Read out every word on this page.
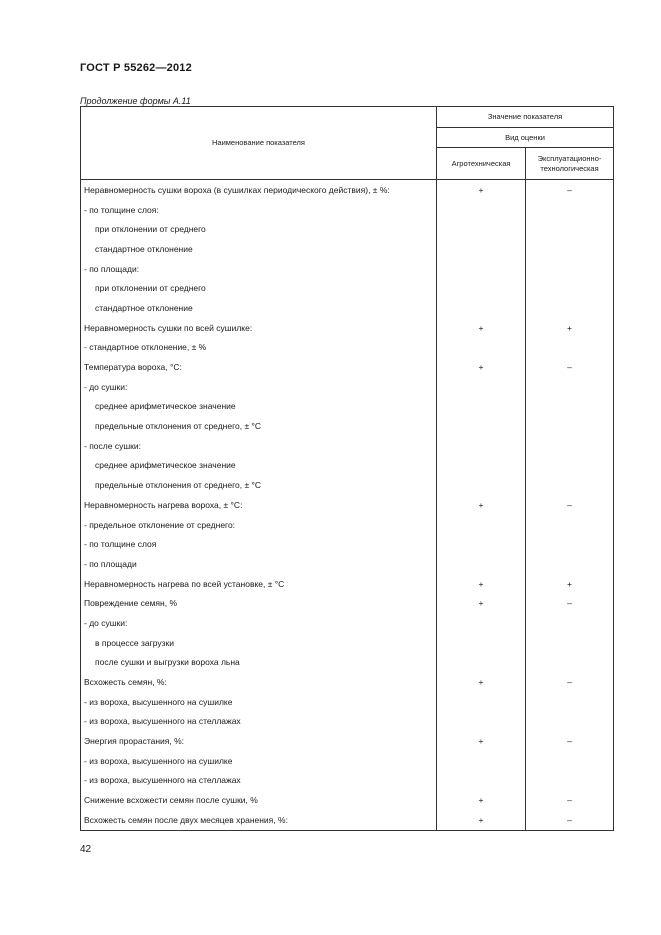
ГОСТ Р 55262—2012
Продолжение формы А.11
Наименование показателя	Значение показателя	
	Вид оценки	
	Агротехническая	Эксплуатационно-технологическая
Неравномерность сушки вороха (в сушилках периодического действия), ± %:	+	–
- по толщине слоя:		
при отклонении от среднего		
стандартное отклонение		
- по площади:		
при отклонении от среднего		
стандартное отклонение		
Неравномерность сушки по всей сушилке:	+	+
- стандартное отклонение, ± %		
Температура вороха, °С:	+	–
- до сушки:		
среднее арифметическое значение		
предельные отклонения от среднего, ± °С		
- после сушки:		
среднее арифметическое значение		
предельные отклонения от среднего, ± °С		
Неравномерность нагрева вороха, ± °С:	+	–
- предельное отклонение от среднего:		
- по толщине слоя		
- по площади		
Неравномерность нагрева по всей установке, ± °С	+	+
Повреждение семян, %	+	–
- до сушки:		
в процессе загрузки		
после сушки и выгрузки вороха льна		
Всхожесть семян, %:	+	–
- из вороха, высушенного на сушилке		
- из вороха, высушенного на стеллажах		
Энергия прорастания, %:	+	–
- из вороха, высушенного на сушилке		
- из вороха, высушенного на стеллажах		
Снижение всхожести семян после сушки, %	+	–
Всхожесть семян после двух месяцев хранения, %:	+	–
42
